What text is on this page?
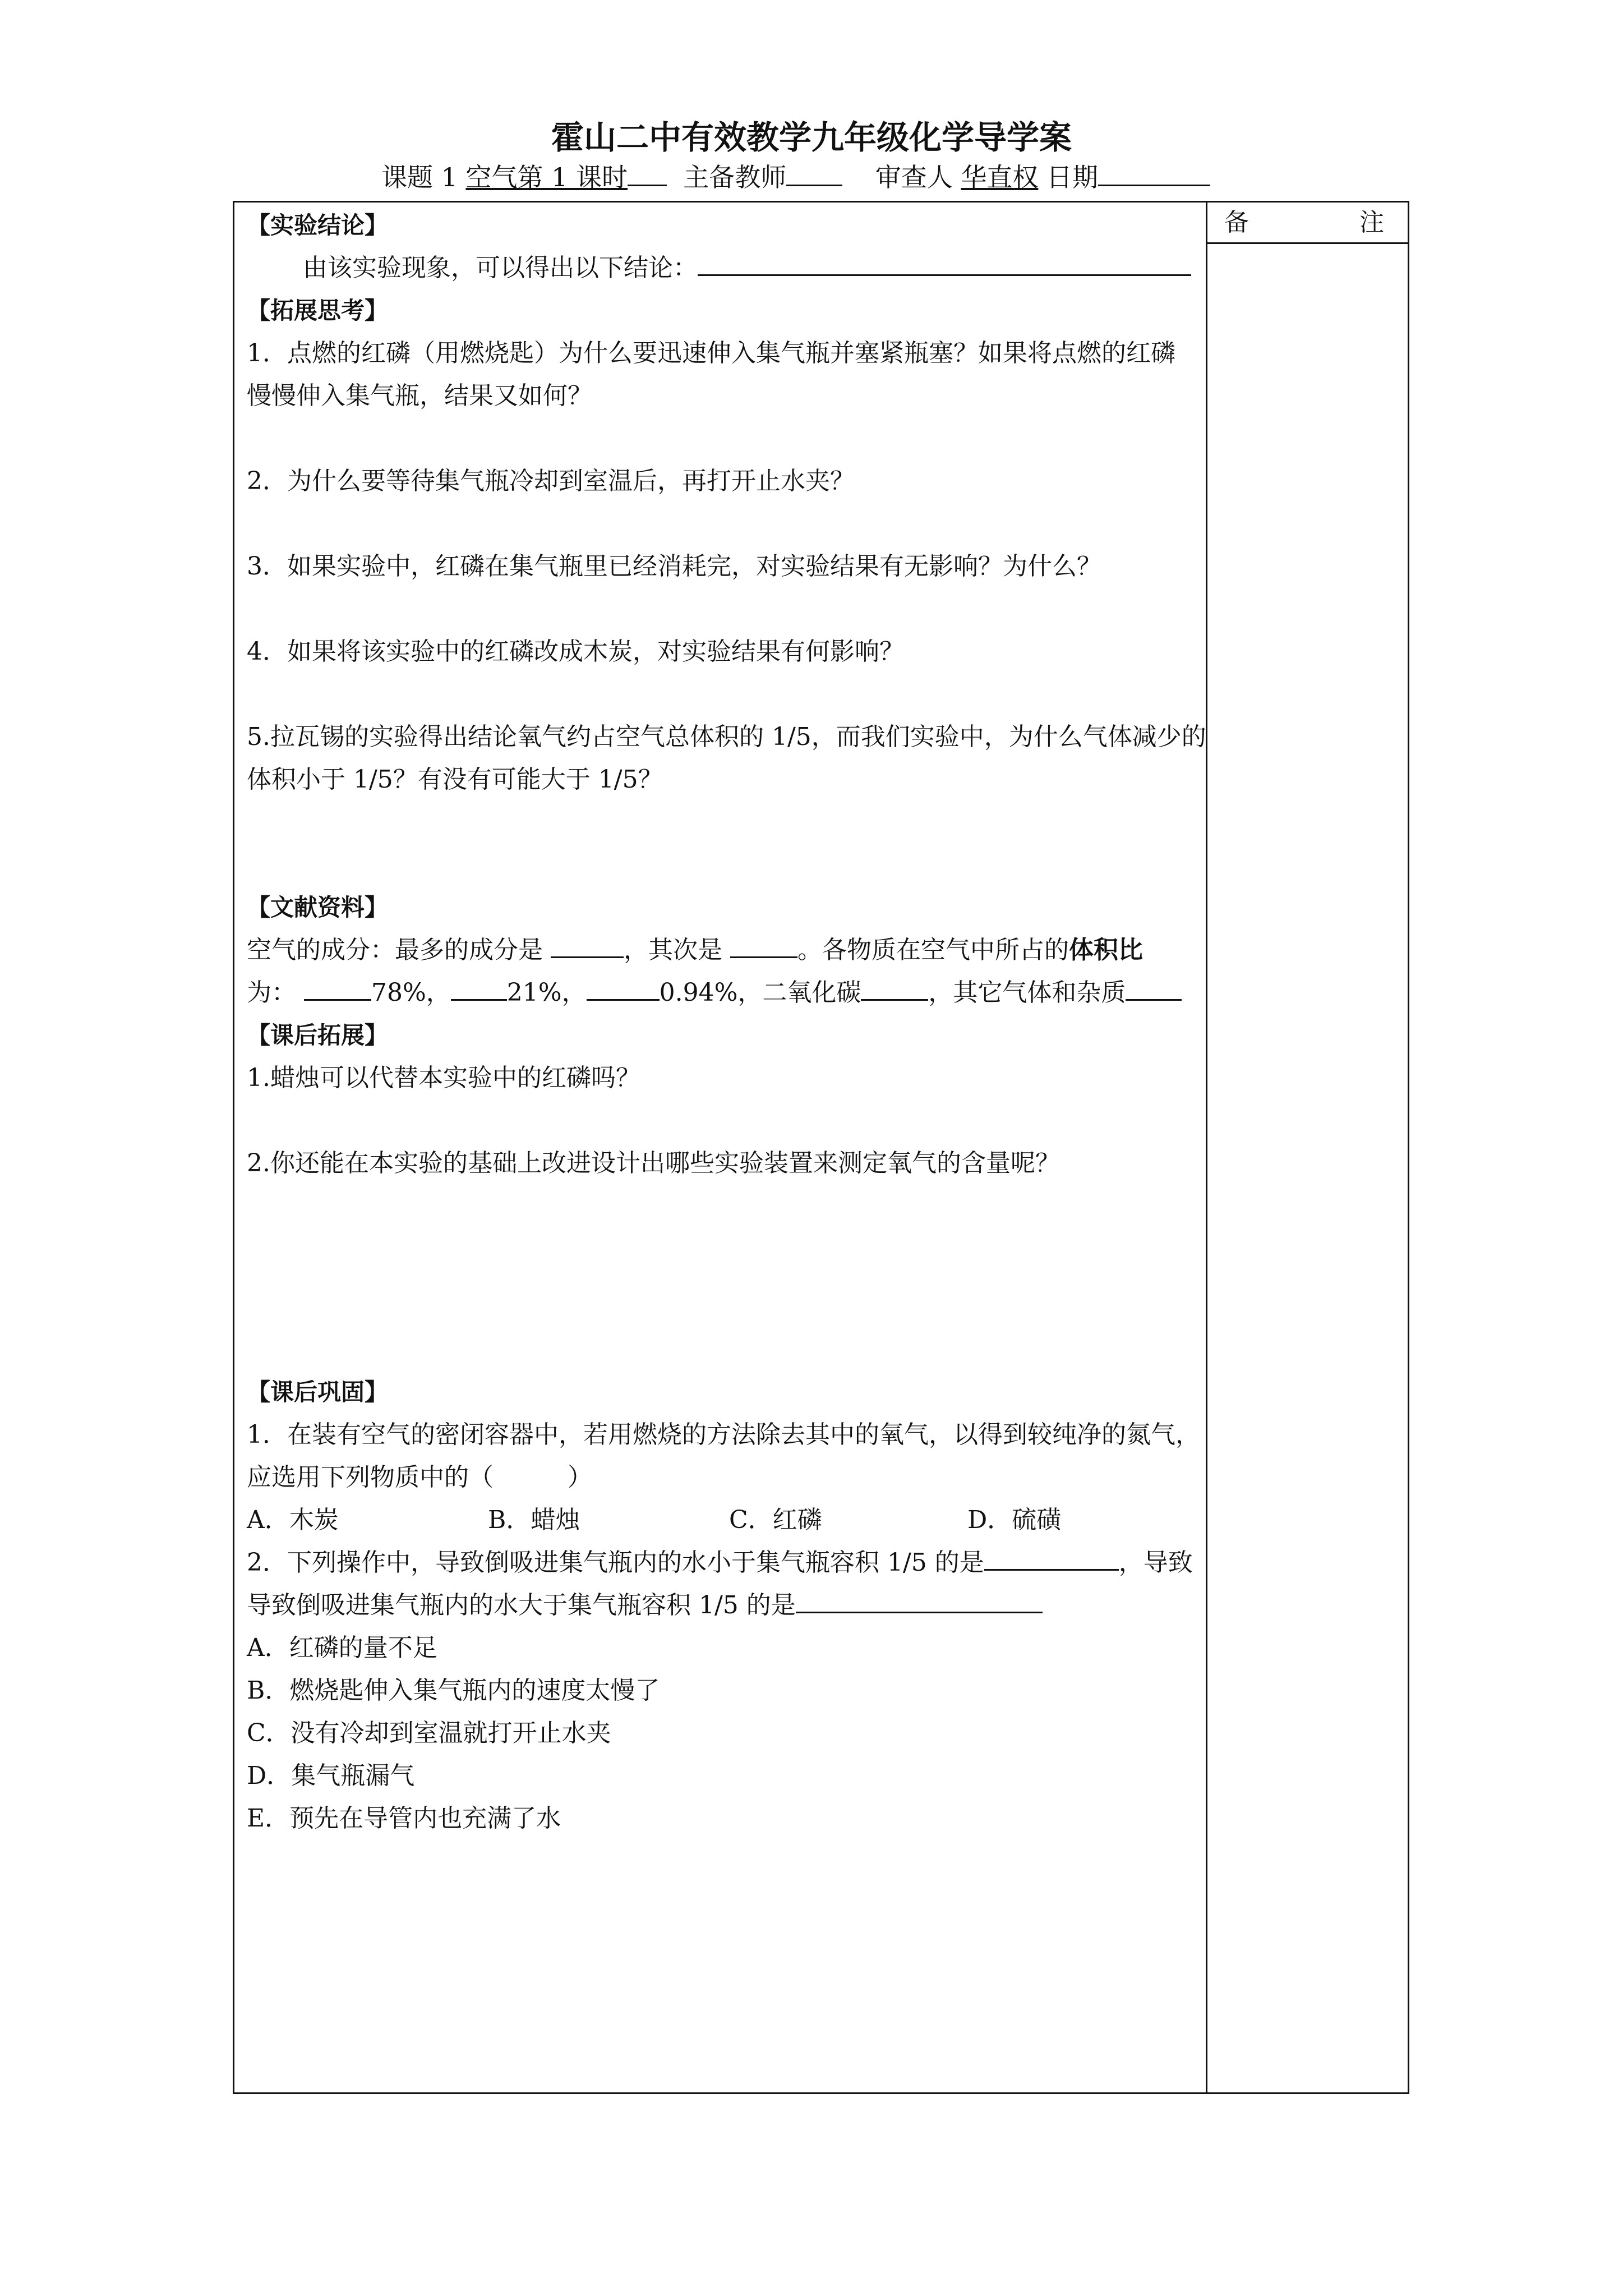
霍山二中有效教学九年级化学导学案
课题 1 空气第 1 课时 主备教师	审查人 华直权 日期
备	注
【实验结论】
由该实验现象，可以得出以下结论：
【拓展思考】
1．点燃的红磷（用燃烧匙）为什么要迅速伸入集气瓶并塞紧瓶塞？如果将点燃的红磷
慢慢伸入集气瓶，结果又如何？
2．为什么要等待集气瓶冷却到室温后，再打开止水夹？
3．如果实验中，红磷在集气瓶里已经消耗完，对实验结果有无影响？为什么？
4．如果将该实验中的红磷改成木炭，对实验结果有何影响？
5.拉瓦锡的实验得出结论氧气约占空气总体积的 1/5，而我们实验中，为什么气体减少的
体积小于 1/5？有没有可能大于 1/5？
【文献资料】
空气的成分：最多的成分是	，其次是	。各物质在空气中所占的体积比
为：	78%， 21%，	0.94%，二氧化碳	，其它气体和杂质
【课后拓展】
1.蜡烛可以代替本实验中的红磷吗？
2.你还能在本实验的基础上改进设计出哪些实验装置来测定氧气的含量呢？
【课后巩固】
1．在装有空气的密闭容器中，若用燃烧的方法除去其中的氧气，以得到较纯净的氮气，
应选用下列物质中的（　　　）
A．木炭	B．蜡烛	C．红磷	D．硫磺
2．下列操作中，导致倒吸进集气瓶内的水小于集气瓶容积 1/5 的是	，导致
导致倒吸进集气瓶内的水大于集气瓶容积 1/5 的是
A．红磷的量不足
B．燃烧匙伸入集气瓶内的速度太慢了
C．没有冷却到室温就打开止水夹
D．集气瓶漏气
E．预先在导管内也充满了水
